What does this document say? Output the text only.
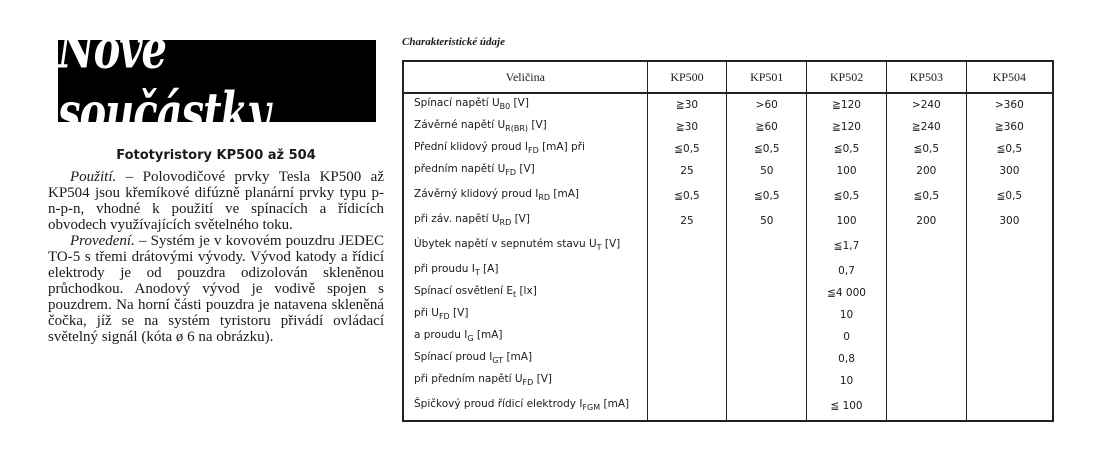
Nové součástky
Fototyristory KP500 až 504

Použití. – Polovodičové prvky Tesla KP500 až KP504 jsou křemíkové difúzně planární prvky typu p-n-p-n, vhodné k použití ve spínacích a řídicích obvodech využívajících světelného toku.

Provedení. – Systém je v kovovém pouzdru JEDEC TO-5 s třemi drátovými vývody. Vývod katody a řídicí elektrody je od pouzdra odizolován skleněnou průchodkou. Anodový vývod je vodivě spojen s pouzdrem. Na horní části pouzdra je natavena skleněná čočka, jíž se na systém tyristoru přivádí ovládací světelný signál (kóta ø 6 na obrázku).

Charakteristické údaje
Veličina	KP500	KP501	KP502	KP503	KP504
Spínací napětí $U_{B0}$ [V]	≧30	>60	≧120	>240	>360
Závěrné napětí $U_{R(BR)}$ [V]	≧30	≧60	≧120	≧240	≧360
Přední klidový proud $I_{FD}$ [mA] při	≦0,5	≦0,5	≦0,5	≦0,5	≦0,5
předním napětí $U_{FD}$ [V]	25	50	100	200	300
Závěrný klidový proud $I_{RD}$ [mA]	≦0,5	≦0,5	≦0,5	≦0,5	≦0,5
při záv. napětí $U_{RD}$ [V]	25	50	100	200	300
Úbytek napětí v sepnutém stavu $U_T$ [V]			≦1,7		
při proudu $I_T$ [A]			0,7		
Spínací osvětlení $E_t$ [lx]			≦4 000		
při $U_{FD}$ [V]			10		
a proudu $I_G$ [mA]			0		
Spínací proud $I_{GT}$ [mA]			0,8		
při předním napětí $U_{FD}$ [V]			10		
Špičkový proud řídicí elektrody $I_{FGM}$ [mA]			≦ 100		
